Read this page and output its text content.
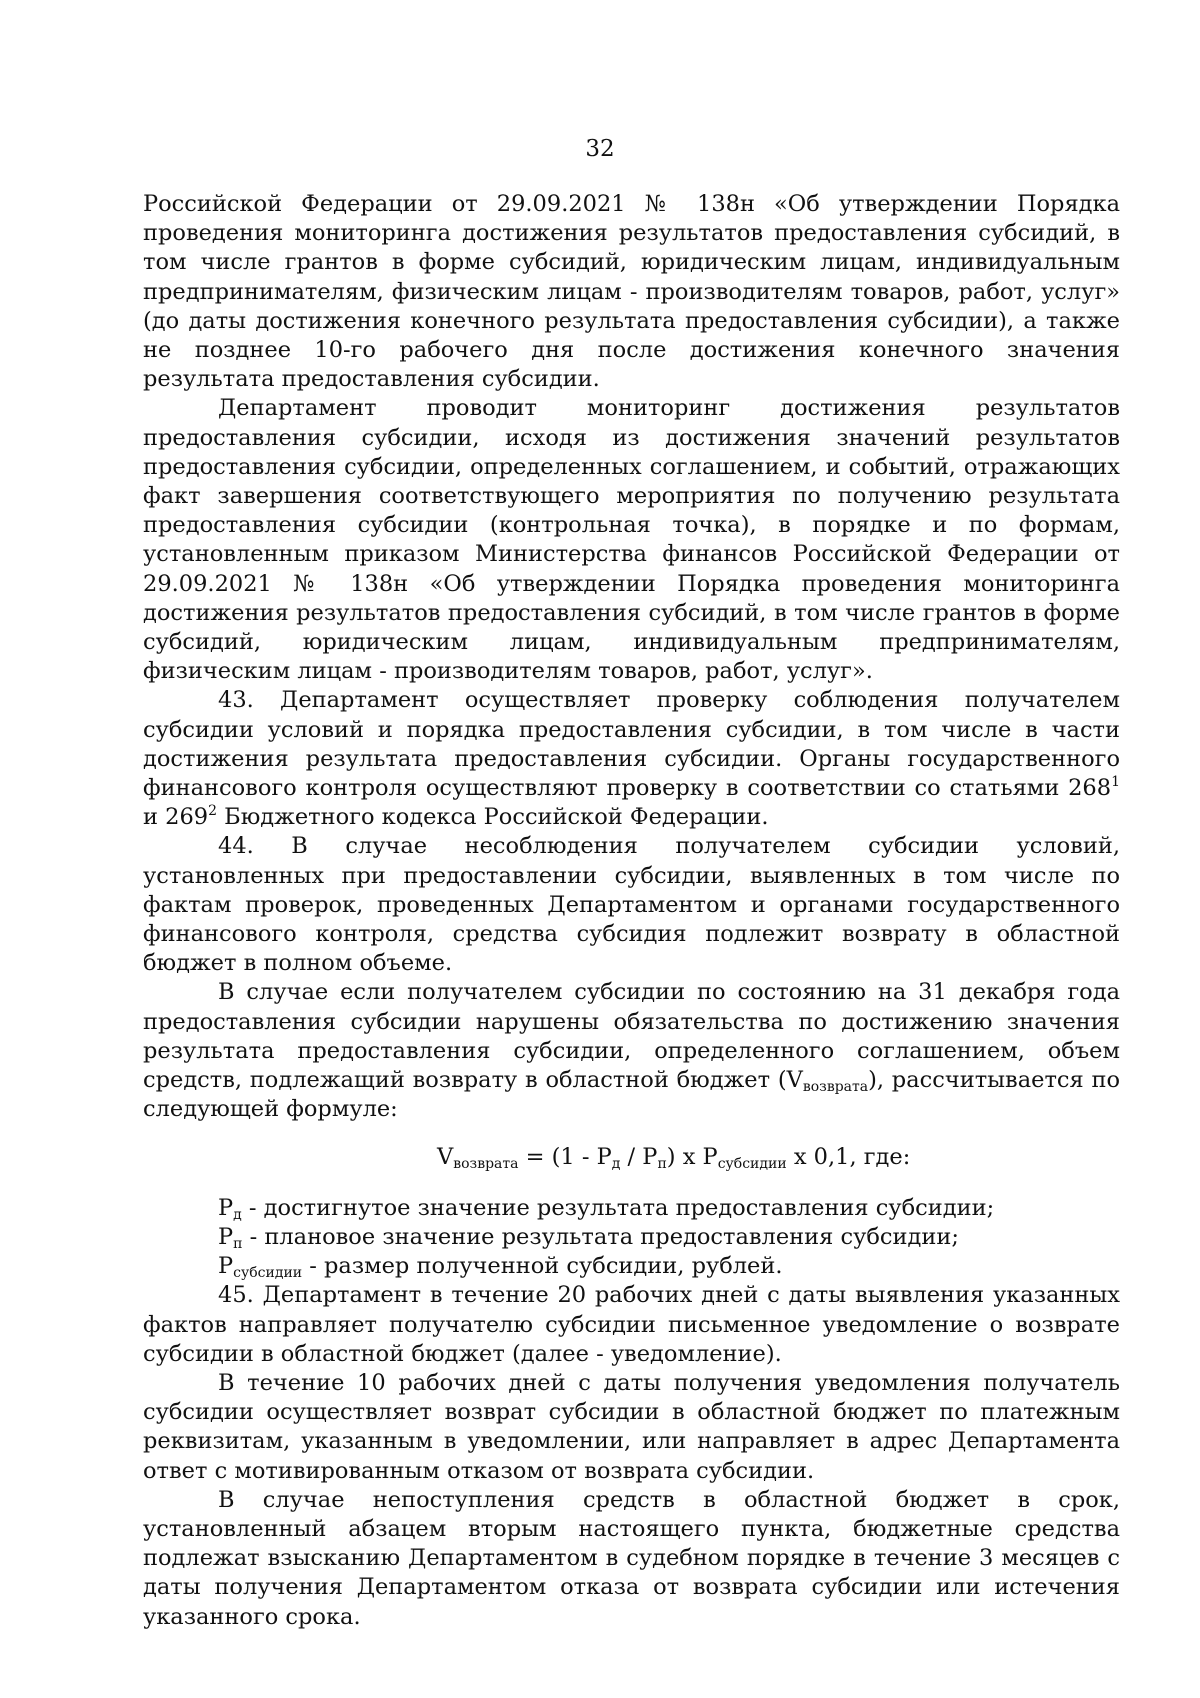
32

Российской Федерации от 29.09.2021 № 138н «Об утверждении Порядка проведения мониторинга достижения результатов предоставления субсидий, в том числе грантов в форме субсидий, юридическим лицам, индивидуальным предпринимателям, физическим лицам - производителям товаров, работ, услуг» (до даты достижения конечного результата предоставления субсидии), а также не позднее 10-го рабочего дня после достижения конечного значения результата предоставления субсидии.

Департамент проводит мониторинг достижения результатов предоставления субсидии, исходя из достижения значений результатов предоставления субсидии, определенных соглашением, и событий, отражающих факт завершения соответствующего мероприятия по получению результата предоставления субсидии (контрольная точка), в порядке и по формам, установленным приказом Министерства финансов Российской Федерации от 29.09.2021 № 138н «Об утверждении Порядка проведения мониторинга достижения результатов предоставления субсидий, в том числе грантов в форме субсидий, юридическим лицам, индивидуальным предпринимателям, физическим лицам - производителям товаров, работ, услуг».

43. Департамент осуществляет проверку соблюдения получателем субсидии условий и порядка предоставления субсидии, в том числе в части достижения результата предоставления субсидии. Органы государственного финансового контроля осуществляют проверку в соответствии со статьями $268^1$ и $269^2$ Бюджетного кодекса Российской Федерации.

44. В случае несоблюдения получателем субсидии условий, установленных при предоставлении субсидии, выявленных в том числе по фактам проверок, проведенных Департаментом и органами государственного финансового контроля, средства субсидия подлежит возврату в областной бюджет в полном объеме.

В случае если получателем субсидии по состоянию на 31 декабря года предоставления субсидии нарушены обязательства по достижению значения результата предоставления субсидии, определенного соглашением, объем средств, подлежащий возврату в областной бюджет $(V_{возврата})$, рассчитывается по следующей формуле:

$V_{возврата} = (1 - P_д / P_п)$ x $P_{субсидии}$ x 0,1, где:

$P_д$ - достигнутое значение результата предоставления субсидии;

$P_п$ - плановое значение результата предоставления субсидии;

$P_{субсидии}$ - размер полученной субсидии, рублей.

45. Департамент в течение 20 рабочих дней с даты выявления указанных фактов направляет получателю субсидии письменное уведомление о возврате субсидии в областной бюджет (далее - уведомление).

В течение 10 рабочих дней с даты получения уведомления получатель субсидии осуществляет возврат субсидии в областной бюджет по платежным реквизитам, указанным в уведомлении, или направляет в адрес Департамента ответ с мотивированным отказом от возврата субсидии.

В случае непоступления средств в областной бюджет в срок, установленный абзацем вторым настоящего пункта, бюджетные средства подлежат взысканию Департаментом в судебном порядке в течение 3 месяцев с даты получения Департаментом отказа от возврата субсидии или истечения указанного срока.
